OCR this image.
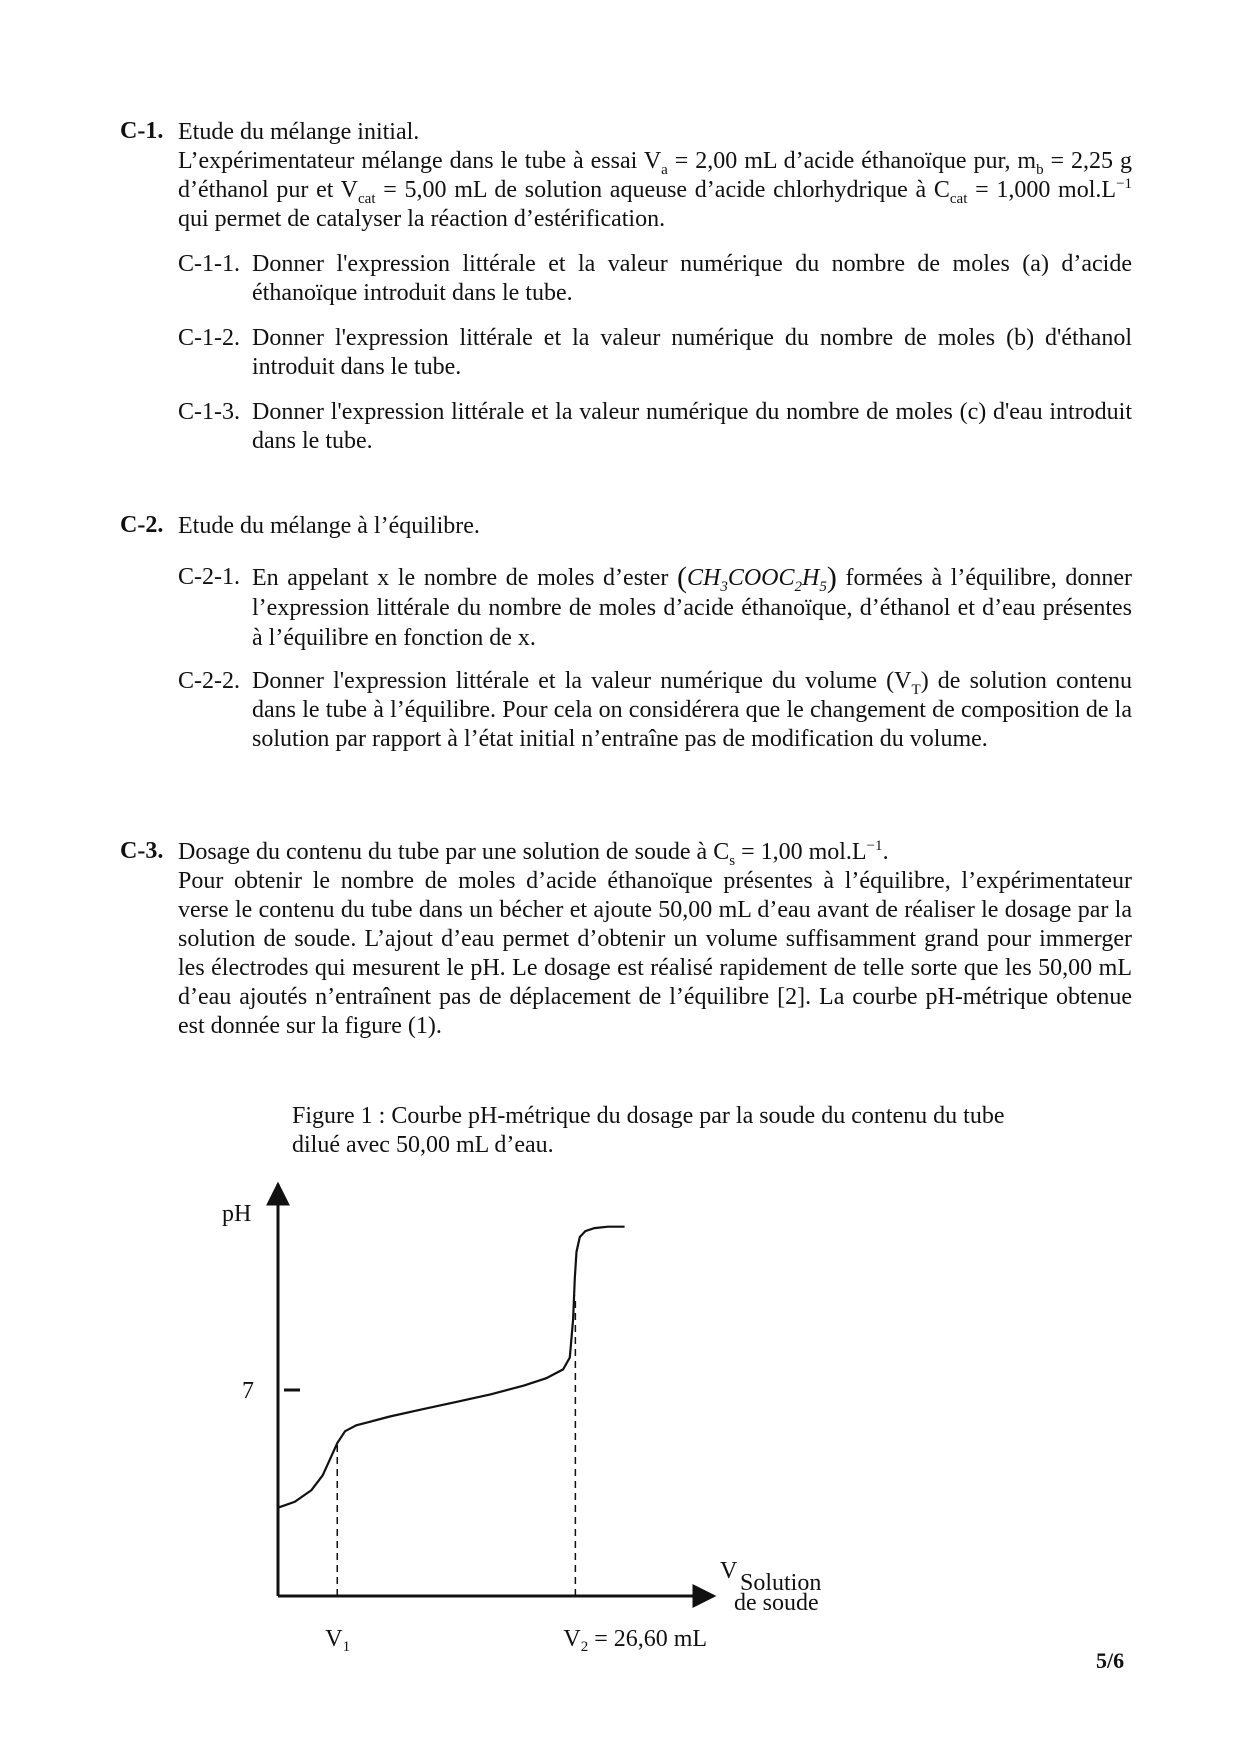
C-1. Etude du mélange initial.
L’expérimentateur mélange dans le tube à essai $V_a = 2,00$ mL d’acide éthanoïque pur, $m_b = 2,25$ g d’éthanol pur et $V_{cat} = 5,00$ mL de solution aqueuse d’acide chlorhydrique à $C_{cat} = 1,000$ $mol.L^{-1}$ qui permet de catalyser la réaction d’estérification.
C-1-1. Donner l'expression littérale et la valeur numérique du nombre de moles (a) d’acide éthanoïque introduit dans le tube.
C-1-2. Donner l'expression littérale et la valeur numérique du nombre de moles (b) d'éthanol introduit dans le tube.
C-1-3. Donner l'expression littérale et la valeur numérique du nombre de moles (c) d'eau introduit dans le tube.
C-2. Etude du mélange à l’équilibre.
C-2-1. En appelant x le nombre de moles d’ester $(CH_3COOC_2H_5)$ formées à l’équilibre, donner l’expression littérale du nombre de moles d’acide éthanoïque, d’éthanol et d’eau présentes à l’équilibre en fonction de x.
C-2-2. Donner l'expression littérale et la valeur numérique du volume $(V_T)$ de solution contenu dans le tube à l’équilibre. Pour cela on considérera que le changement de composition de la solution par rapport à l’état initial n’entraîne pas de modification du volume.
C-3. Dosage du contenu du tube par une solution de soude à $C_s = 1,00$ $mol.L^{-1}$.
Pour obtenir le nombre de moles d’acide éthanoïque présentes à l’équilibre, l’expérimentateur verse le contenu du tube dans un bécher et ajoute 50,00 mL d’eau avant de réaliser le dosage par la solution de soude. L’ajout d’eau permet d’obtenir un volume suffisamment grand pour immerger les électrodes qui mesurent le pH. Le dosage est réalisé rapidement de telle sorte que les 50,00 mL d’eau ajoutés n’entraînent pas de déplacement de l’équilibre [2]. La courbe pH-métrique obtenue est donnée sur la figure (1).
Figure 1 : Courbe pH-métrique du dosage par la soude du contenu du tube dilué avec 50,00 mL d’eau.
pH
7
$V_1$	$V_2 = 26,60$ mL
V Solution
de soude
5/6
